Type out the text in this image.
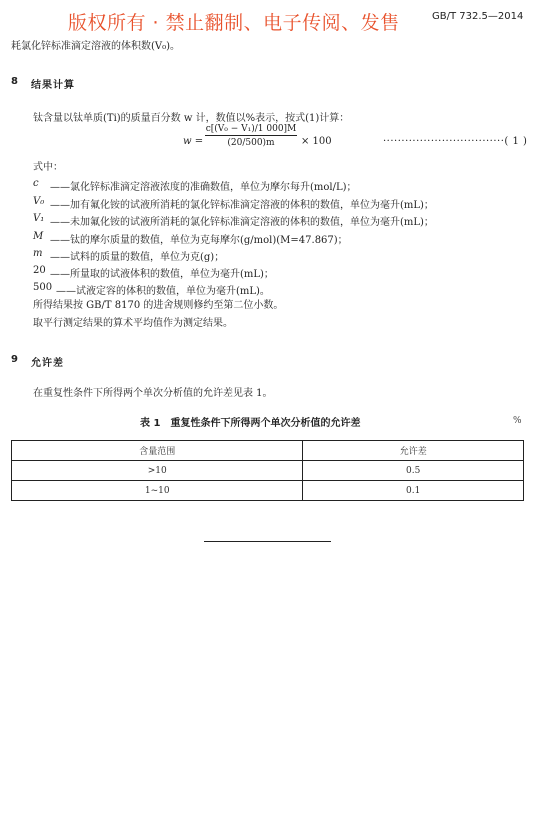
版权所有 · 禁止翻制、电子传阅、发售	GB/T 732.5—2014
耗氯化锌标准滴定溶液的体积数(V₀)。
8 结果计算
钛含量以钛单质(Ti)的质量百分数 w 计，数值以%表示，按式(1)计算：
$w = \frac{\text{c[(V₀ − V₁)/1 000]M}}{(20/500)m} \times 100$	·································( 1 )
式中：
c ——氯化锌标准滴定溶液浓度的准确数值，单位为摩尔每升(mol/L)；
V₀ ——加有氟化铵的试液所消耗的氯化锌标准滴定溶液的体积的数值，单位为毫升(mL)；
V₁ ——未加氟化铵的试液所消耗的氯化锌标准滴定溶液的体积的数值，单位为毫升(mL)；
M ——钛的摩尔质量的数值，单位为克每摩尔(g/mol)(M=47.867)；
m ——试料的质量的数值，单位为克(g)；
20 ——所量取的试液体积的数值，单位为毫升(mL)；
500 ——试液定容的体积的数值，单位为毫升(mL)。
所得结果按 GB/T 8170 的进舍规则修约至第二位小数。
取平行测定结果的算术平均值作为测定结果。
9 允许差
在重复性条件下所得两个单次分析值的允许差见表 1。
表 1　重复性条件下所得两个单次分析值的允许差	%
含量范围	允许差
>10	0.5
1~10	0.1
